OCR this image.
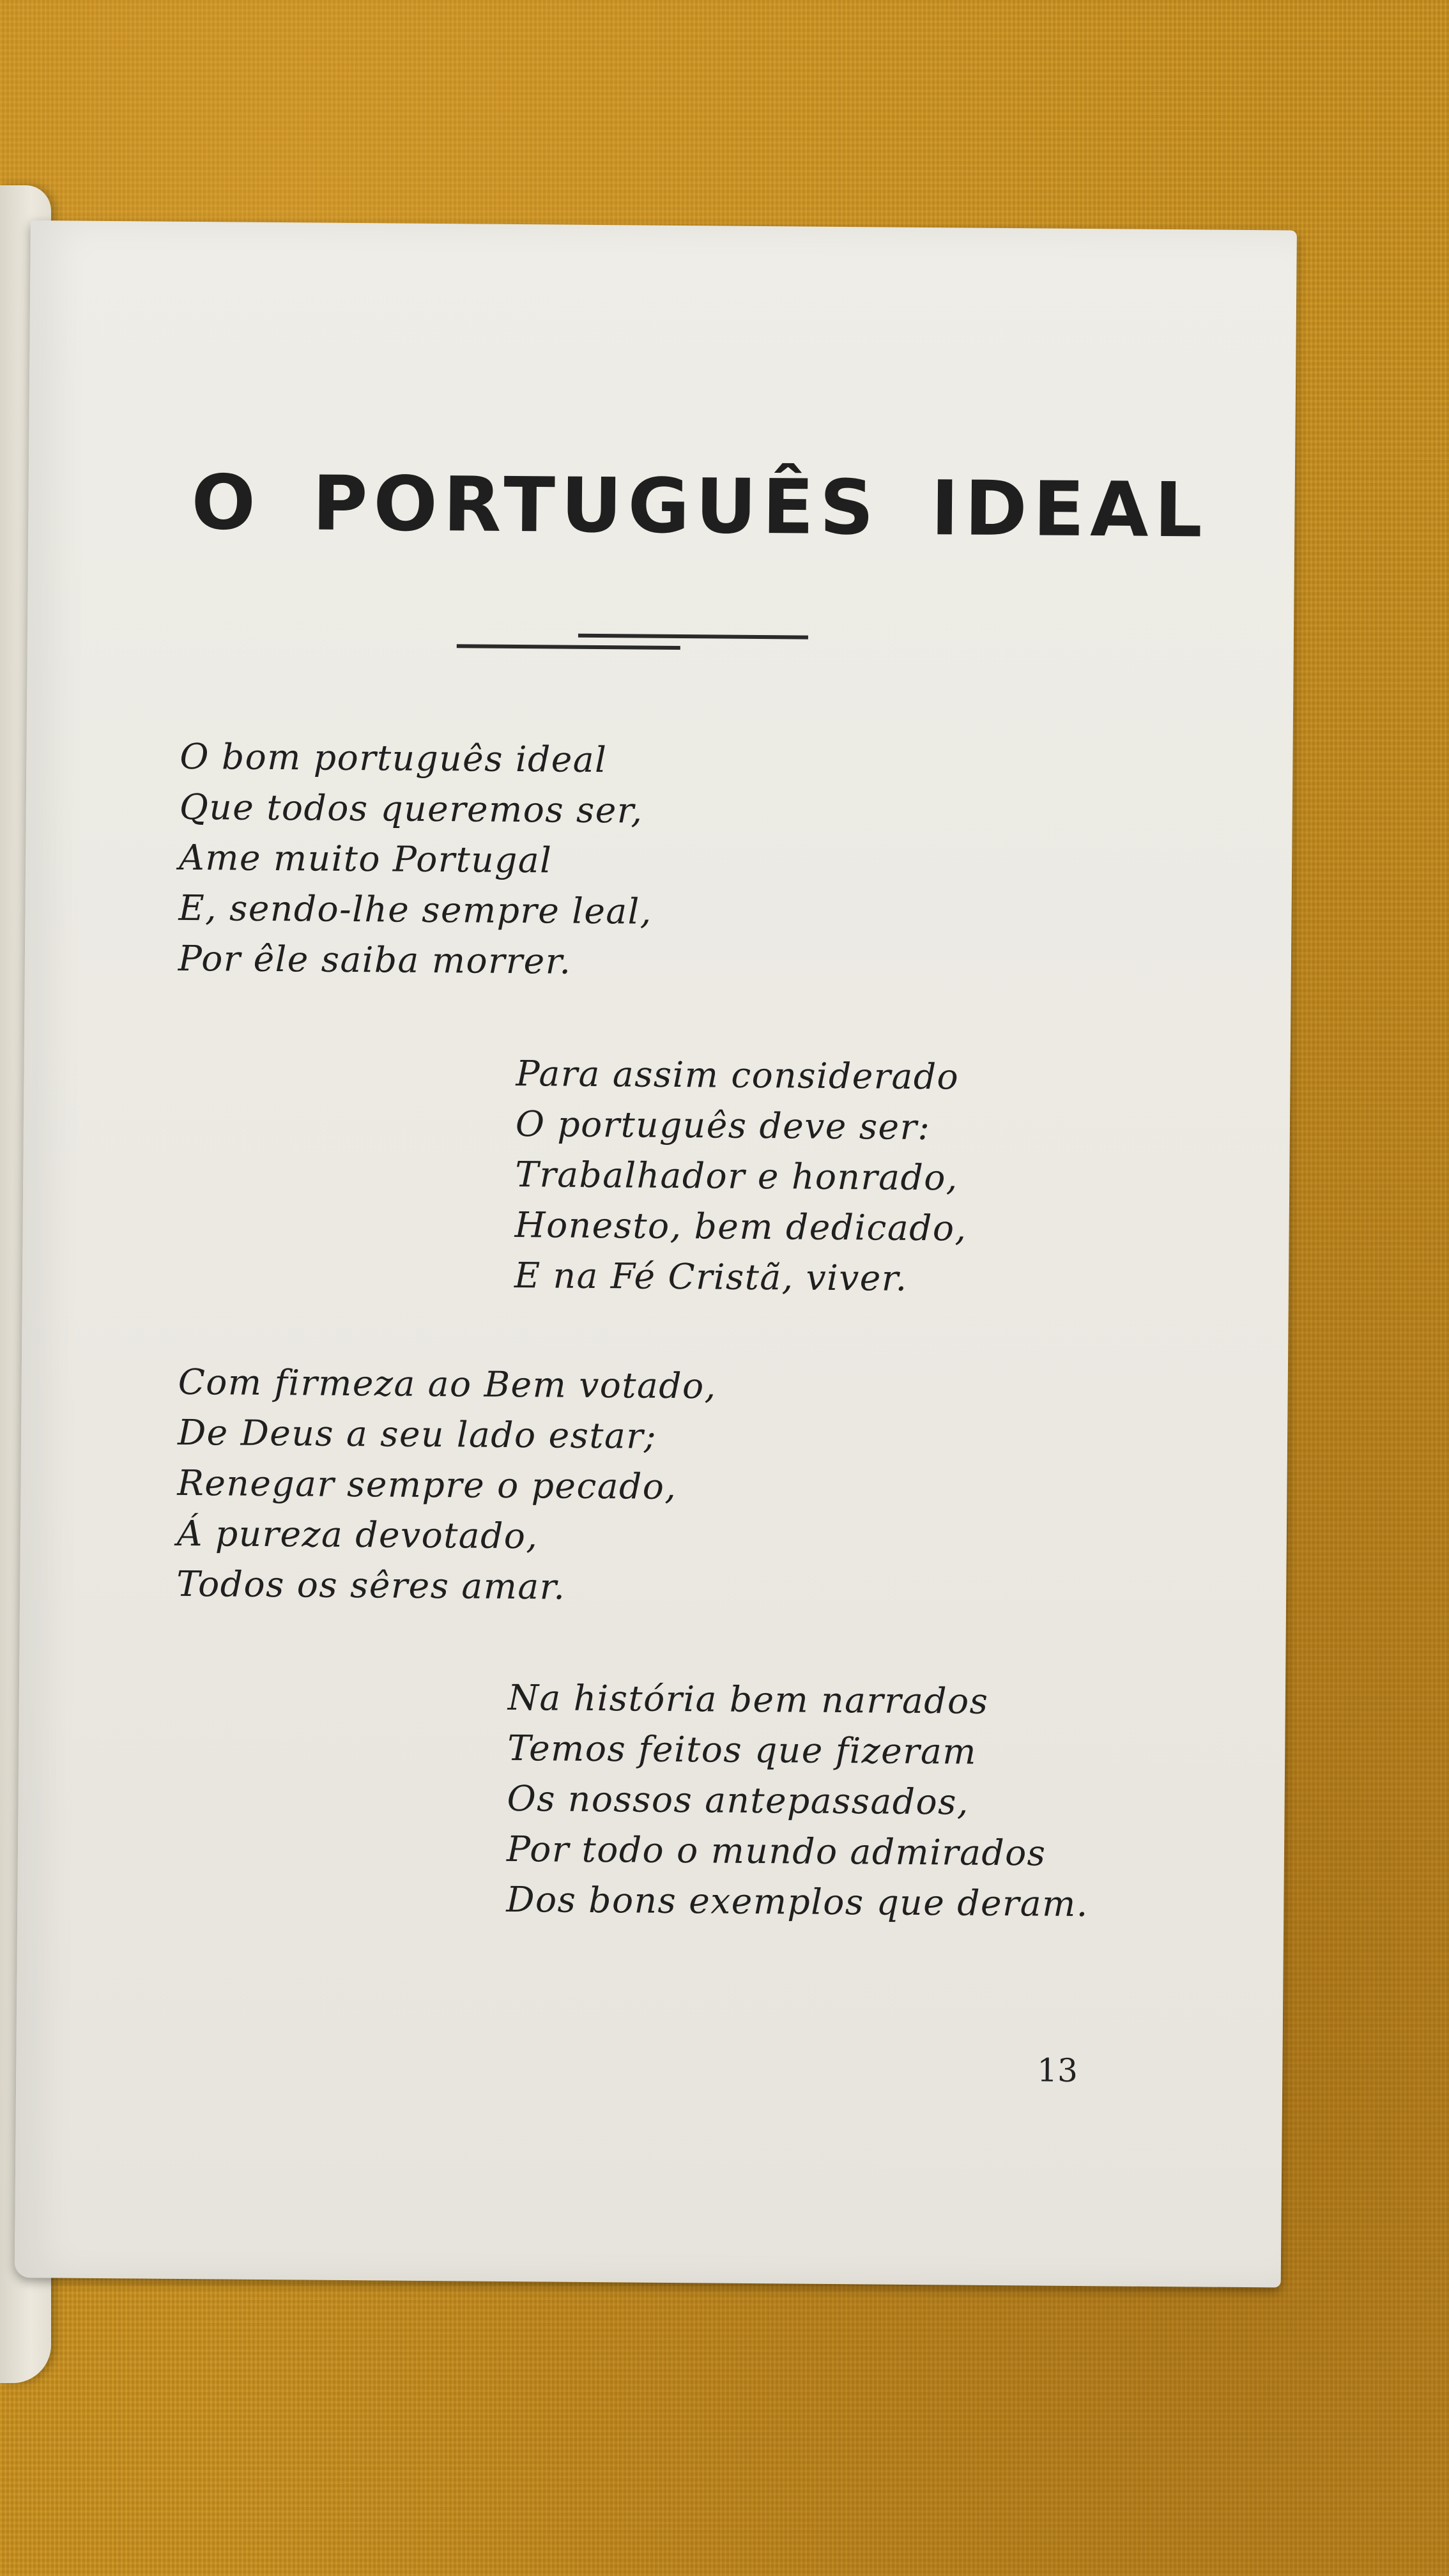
O PORTUGUÊS IDEAL
O bom português ideal
Que todos queremos ser,
Ame muito Portugal
E, sendo-lhe sempre leal,
Por êle saiba morrer.
Para assim considerado
O português deve ser:
Trabalhador e honrado,
Honesto, bem dedicado,
E na Fé Cristã, viver.
Com firmeza ao Bem votado,
De Deus a seu lado estar;
Renegar sempre o pecado,
Á pureza devotado,
Todos os sêres amar.
Na história bem narrados
Temos feitos que fizeram
Os nossos antepassados,
Por todo o mundo admirados
Dos bons exemplos que deram.
13
